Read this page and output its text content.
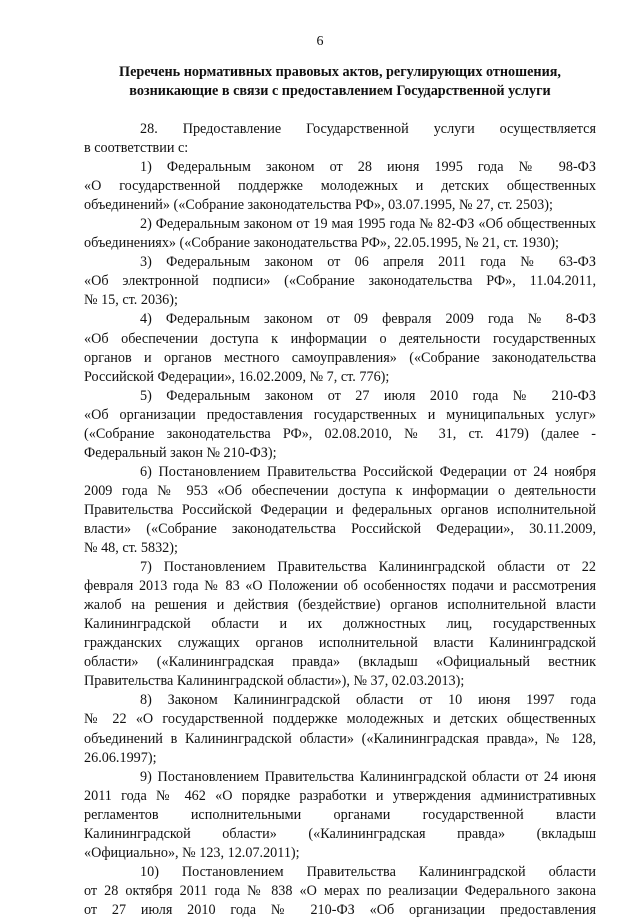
6
Перечень нормативных правовых актов, регулирующих отношения,
возникающие в связи с предоставлением Государственной услуги
28. Предоставление Государственной услуги осуществляется
в соответствии с:
1) Федеральным законом от 28 июня 1995 года № 98-ФЗ
«О государственной поддержке молодежных и детских общественных
объединений» («Собрание законодательства РФ», 03.07.1995, № 27, ст. 2503);
2) Федеральным законом от 19 мая 1995 года № 82-ФЗ «Об общественных
объединениях» («Собрание законодательства РФ», 22.05.1995, № 21, ст. 1930);
3) Федеральным законом от 06 апреля 2011 года № 63-ФЗ
«Об электронной подписи» («Собрание законодательства РФ», 11.04.2011,
№ 15, ст. 2036);
4) Федеральным законом от 09 февраля 2009 года № 8-ФЗ
«Об обеспечении доступа к информации о деятельности государственных
органов и органов местного самоуправления» («Собрание законодательства
Российской Федерации», 16.02.2009, № 7, ст. 776);
5) Федеральным законом от 27 июля 2010 года № 210-ФЗ
«Об организации предоставления государственных и муниципальных услуг»
(«Собрание законодательства РФ», 02.08.2010, № 31, ст. 4179) (далее -
Федеральный закон № 210-ФЗ);
6) Постановлением Правительства Российской Федерации от 24 ноября
2009 года № 953 «Об обеспечении доступа к информации о деятельности
Правительства Российской Федерации и федеральных органов исполнительной
власти» («Собрание законодательства Российской Федерации», 30.11.2009,
№ 48, ст. 5832);
7) Постановлением Правительства Калининградской области от 22
февраля 2013 года № 83 «О Положении об особенностях подачи и рассмотрения
жалоб на решения и действия (бездействие) органов исполнительной власти
Калининградской области и их должностных лиц, государственных
гражданских служащих органов исполнительной власти Калининградской
области» («Калининградская правда» (вкладыш «Официальный вестник
Правительства Калининградской области»), № 37, 02.03.2013);
8) Законом Калининградской области от 10 июня 1997 года
№ 22 «О государственной поддержке молодежных и детских общественных
объединений в Калининградской области» («Калининградская правда», № 128,
26.06.1997);
9) Постановлением Правительства Калининградской области от 24 июня
2011 года № 462 «О порядке разработки и утверждения административных
регламентов исполнительными органами государственной власти
Калининградской области» («Калининградская правда» (вкладыш
«Официально», № 123, 12.07.2011);
10) Постановлением Правительства Калининградской области
от 28 октября 2011 года № 838 «О мерах по реализации Федерального закона
от 27 июля 2010 года № 210-ФЗ «Об организации предоставления
